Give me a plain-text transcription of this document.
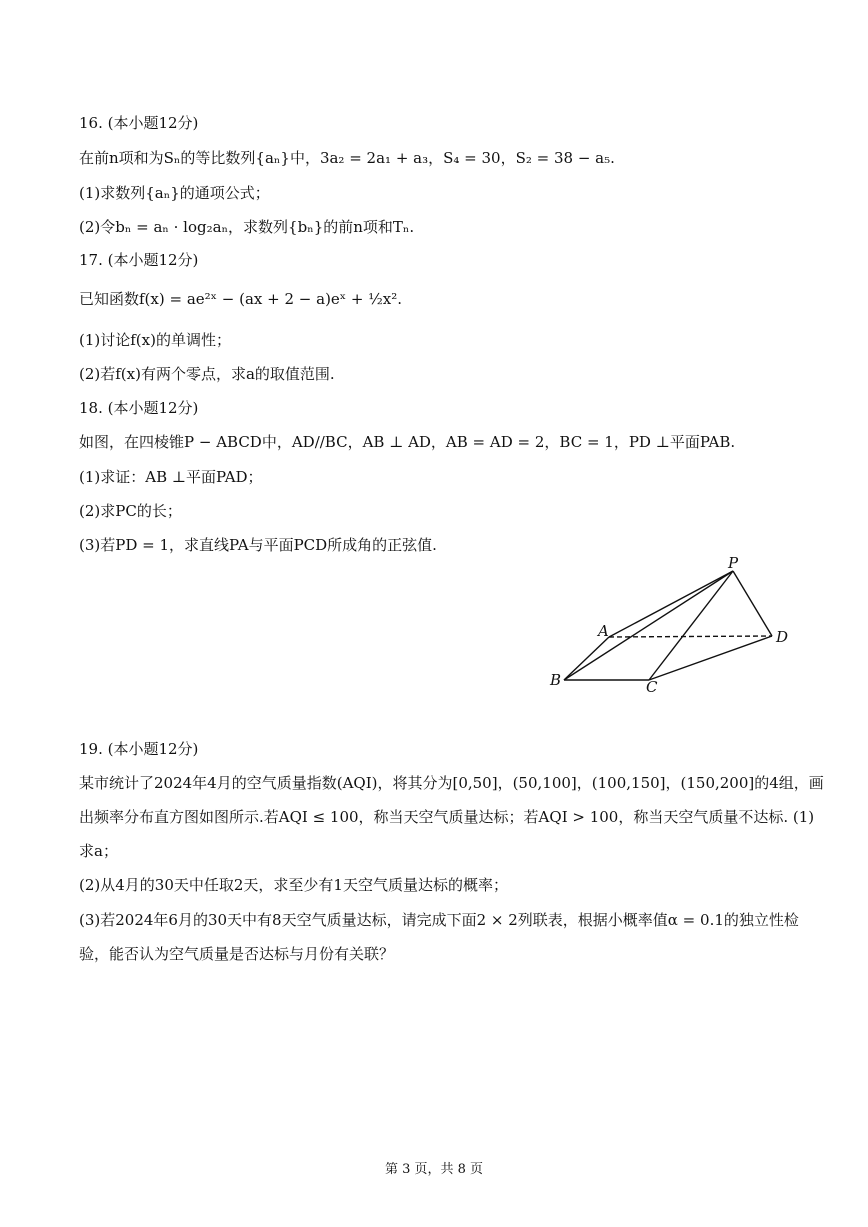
16. (本小题12分)
在前n项和为Sₙ的等比数列{aₙ}中，3a₂ = 2a₁ + a₃，S₄ = 30，S₂ = 38 − a₅.
(1)求数列{aₙ}的通项公式；
(2)令bₙ = aₙ · log₂aₙ，求数列{bₙ}的前n项和Tₙ.
17. (本小题12分)
已知函数f(x) = ae²ˣ − (ax + 2 − a)eˣ + ½x².
(1)讨论f(x)的单调性；
(2)若f(x)有两个零点，求a的取值范围.
18. (本小题12分)
如图，在四棱锥P − ABCD中，AD//BC，AB ⊥ AD，AB = AD = 2，BC = 1，PD ⊥平面PAB.
(1)求证：AB ⊥平面PAD；
(2)求PC的长；
(3)若PD = 1，求直线PA与平面PCD所成角的正弦值.
P
A
B	C
D
19. (本小题12分)
某市统计了2024年4月的空气质量指数(AQI)，将其分为[0,50]，(50,100]，(100,150]，(150,200]的4组，画
出频率分布直方图如图所示.若AQI ≤ 100，称当天空气质量达标；若AQI > 100，称当天空气质量不达标. (1)
求a；
(2)从4月的30天中任取2天，求至少有1天空气质量达标的概率；
(3)若2024年6月的30天中有8天空气质量达标，请完成下面2 × 2列联表，根据小概率值α = 0.1的独立性检
验，能否认为空气质量是否达标与月份有关联？
第 3 页，共 8 页
